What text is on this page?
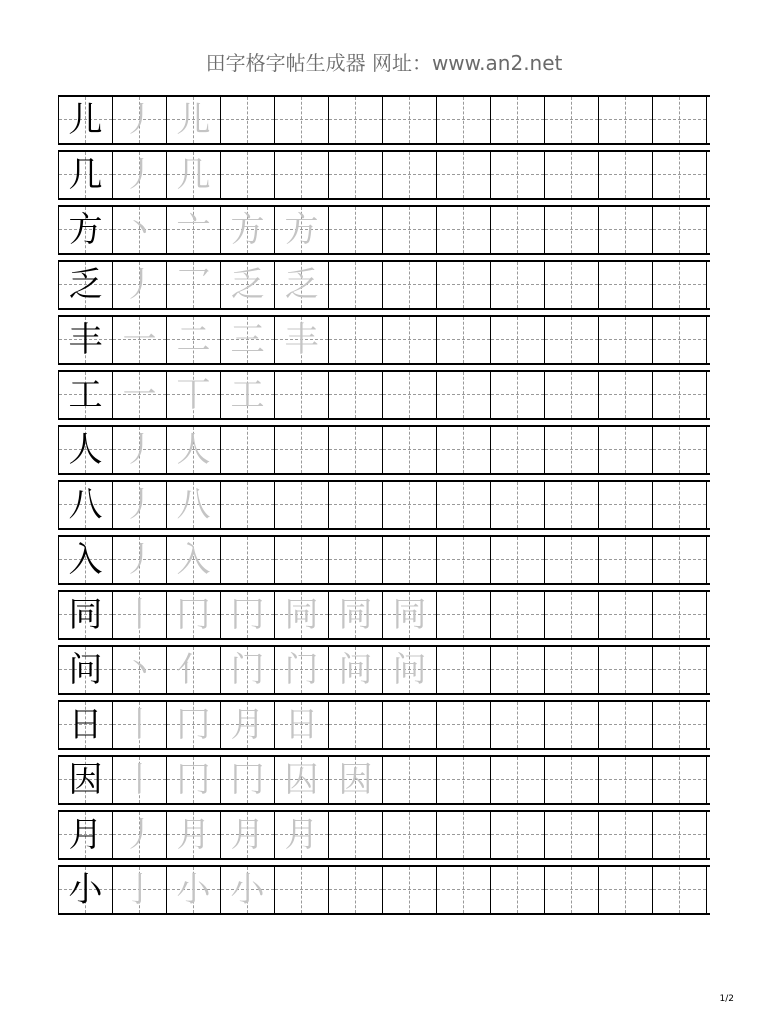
田字格字帖生成器 网址：www.an2.net
儿 丿 儿
几 丿 几
方 丶 亠 方 方
乏 丿 乛 乏 乏
丰 一 二 三 丰
工 一 丅 工
人 丿 人
八 丿 八
入 丿 入
同 丨 冂 冂 同 同 同
问 丶 亻 门 门 问 问
日 丨 冂 月 日
因 丨 冂 冂 囚 因
月 丿 月 月 月
小 亅 小 小
1/2
